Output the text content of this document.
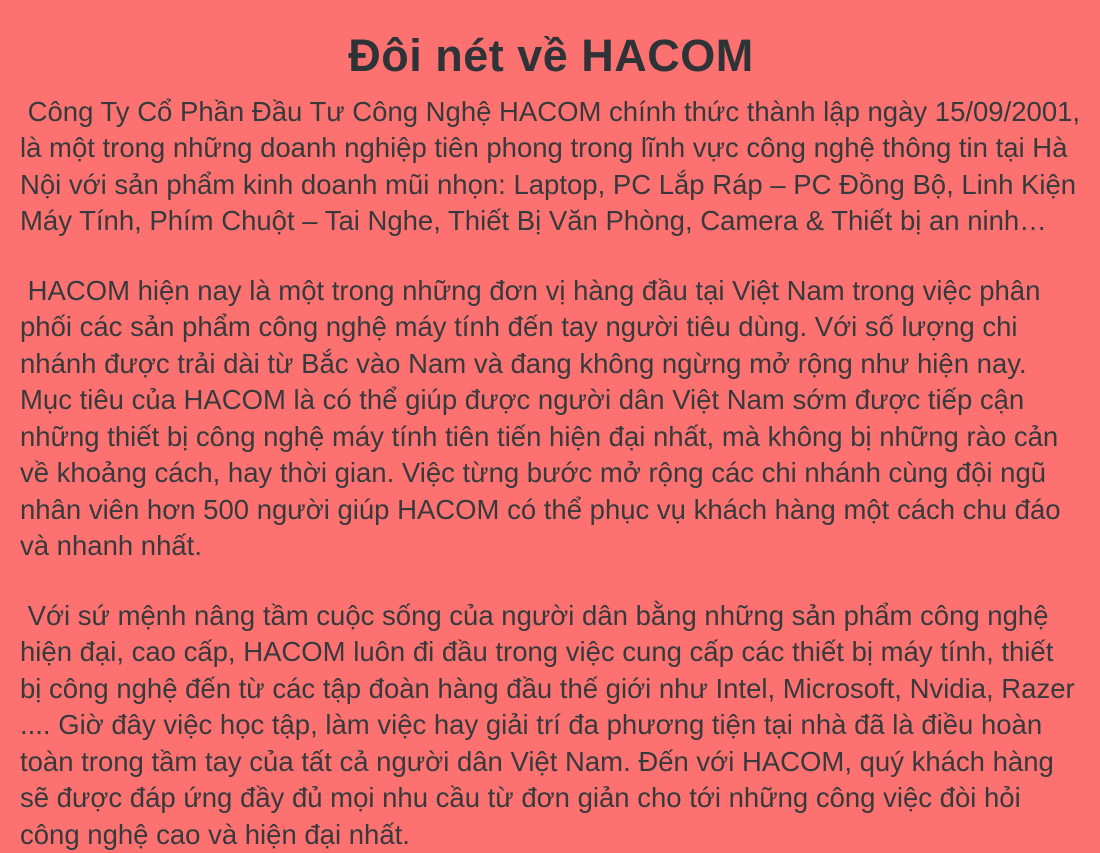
Đôi nét về HACOM

Công Ty Cổ Phần Đầu Tư Công Nghệ HACOM chính thức thành lập ngày 15/09/2001, là một trong những doanh nghiệp tiên phong trong lĩnh vực công nghệ thông tin tại Hà Nội với sản phẩm kinh doanh mũi nhọn: Laptop, PC Lắp Ráp – PC Đồng Bộ, Linh Kiện Máy Tính, Phím Chuột – Tai Nghe, Thiết Bị Văn Phòng, Camera & Thiết bị an ninh…

HACOM hiện nay là một trong những đơn vị hàng đầu tại Việt Nam trong việc phân phối các sản phẩm công nghệ máy tính đến tay người tiêu dùng. Với số lượng chi nhánh được trải dài từ Bắc vào Nam và đang không ngừng mở rộng như hiện nay. Mục tiêu của HACOM là có thể giúp được người dân Việt Nam sớm được tiếp cận những thiết bị công nghệ máy tính tiên tiến hiện đại nhất, mà không bị những rào cản về khoảng cách, hay thời gian. Việc từng bước mở rộng các chi nhánh cùng đội ngũ nhân viên hơn 500 người giúp HACOM có thể phục vụ khách hàng một cách chu đáo và nhanh nhất.

Với sứ mệnh nâng tầm cuộc sống của người dân bằng những sản phẩm công nghệ hiện đại, cao cấp, HACOM luôn đi đầu trong việc cung cấp các thiết bị máy tính, thiết bị công nghệ đến từ các tập đoàn hàng đầu thế giới như Intel, Microsoft, Nvidia, Razer .... Giờ đây việc học tập, làm việc hay giải trí đa phương tiện tại nhà đã là điều hoàn toàn trong tầm tay của tất cả người dân Việt Nam. Đến với HACOM, quý khách hàng sẽ được đáp ứng đầy đủ mọi nhu cầu từ đơn giản cho tới những công việc đòi hỏi công nghệ cao và hiện đại nhất.
